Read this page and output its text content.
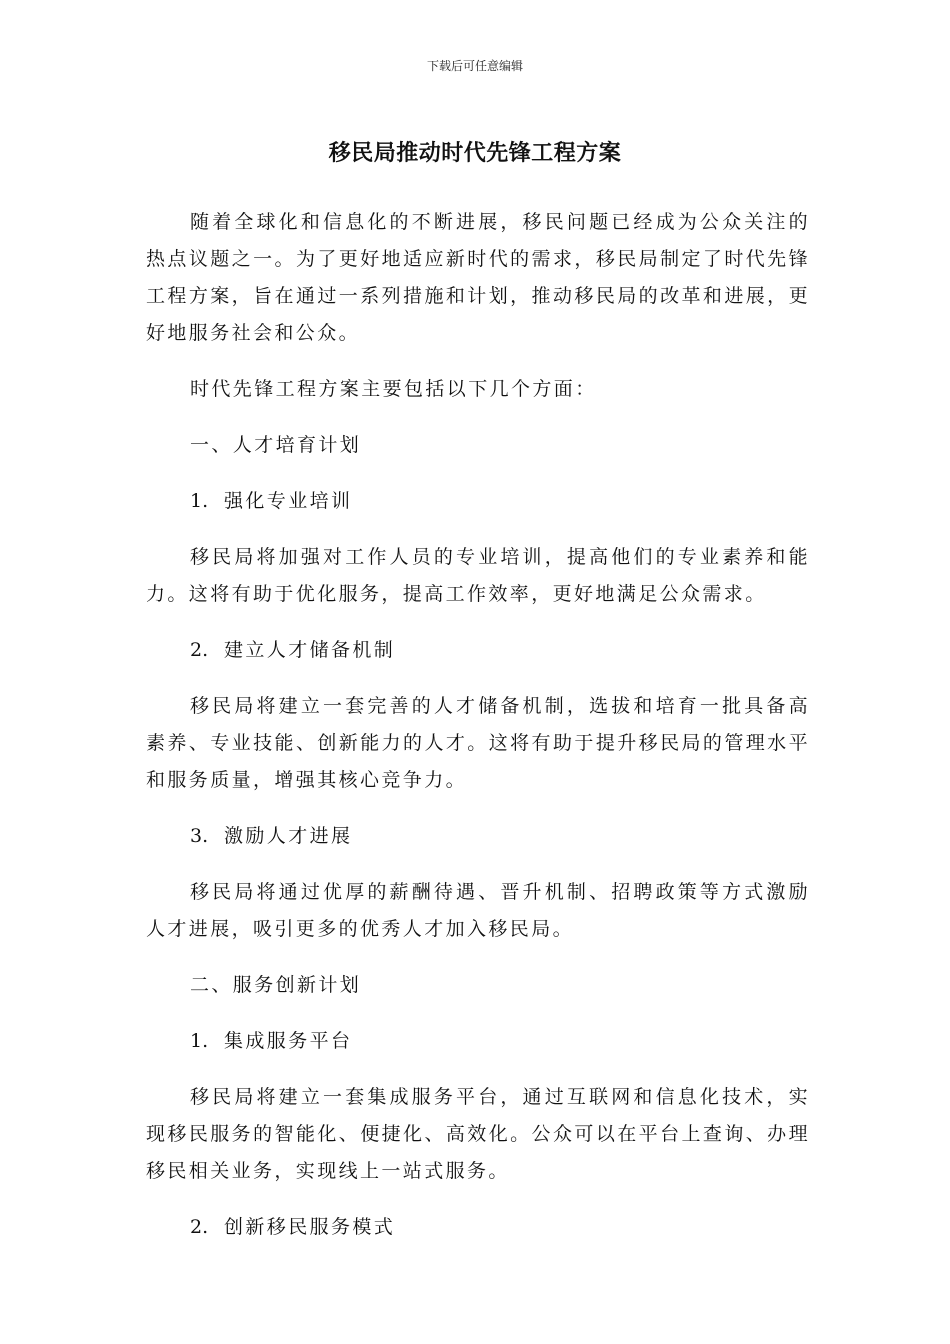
下载后可任意编辑
移民局推动时代先锋工程方案

随着全球化和信息化的不断进展，移民问题已经成为公众关注的热点议题之一。为了更好地适应新时代的需求，移民局制定了时代先锋工程方案，旨在通过一系列措施和计划，推动移民局的改革和进展，更好地服务社会和公众。

时代先锋工程方案主要包括以下几个方面：

一、人才培育计划

1. 强化专业培训

移民局将加强对工作人员的专业培训，提高他们的专业素养和能力。这将有助于优化服务，提高工作效率，更好地满足公众需求。

2. 建立人才储备机制

移民局将建立一套完善的人才储备机制，选拔和培育一批具备高素养、专业技能、创新能力的人才。这将有助于提升移民局的管理水平和服务质量，增强其核心竞争力。

3. 激励人才进展

移民局将通过优厚的薪酬待遇、晋升机制、招聘政策等方式激励人才进展，吸引更多的优秀人才加入移民局。

二、服务创新计划

1. 集成服务平台

移民局将建立一套集成服务平台，通过互联网和信息化技术，实现移民服务的智能化、便捷化、高效化。公众可以在平台上查询、办理移民相关业务，实现线上一站式服务。

2. 创新移民服务模式
